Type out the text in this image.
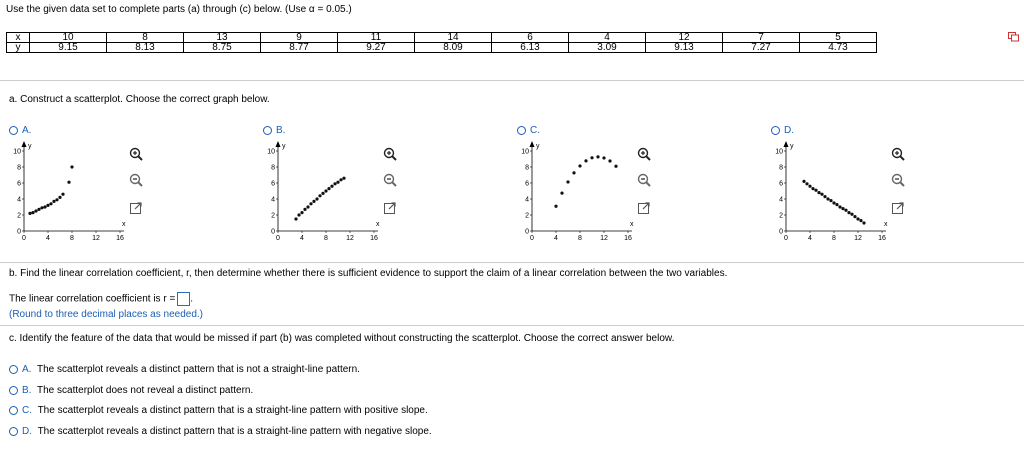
Use the given data set to complete parts (a) through (c) below. (Use α = 0.05.)
x	10	8	13	9	11	14	6	4	12	7	5
y	9.15	8.13	8.75	8.77	9.27	8.09	6.13	3.09	9.13	7.27	4.73
a. Construct a scatterplot. Choose the correct graph below.
A.	B.	C.	D.
y
x
0	4	8	12 16
0
2
4
6
8
10
y
x
0	4	8	12 16
0
2
4
6
8
10
y
x
0	4	8	12 16
0
2
4
6
8
10
y
x
0	4	8	12 16
0
2
4
6
8
10
b. Find the linear correlation coefficient, r, then determine whether there is sufficient evidence to support the claim of a linear correlation between the two variables.
The linear correlation coefficient is r = .
(Round to three decimal places as needed.)
c. Identify the feature of the data that would be missed if part (b) was completed without constructing the scatterplot. Choose the correct answer below.
A. The scatterplot reveals a distinct pattern that is not a straight-line pattern.
B. The scatterplot does not reveal a distinct pattern.
C. The scatterplot reveals a distinct pattern that is a straight-line pattern with positive slope.
D. The scatterplot reveals a distinct pattern that is a straight-line pattern with negative slope.
